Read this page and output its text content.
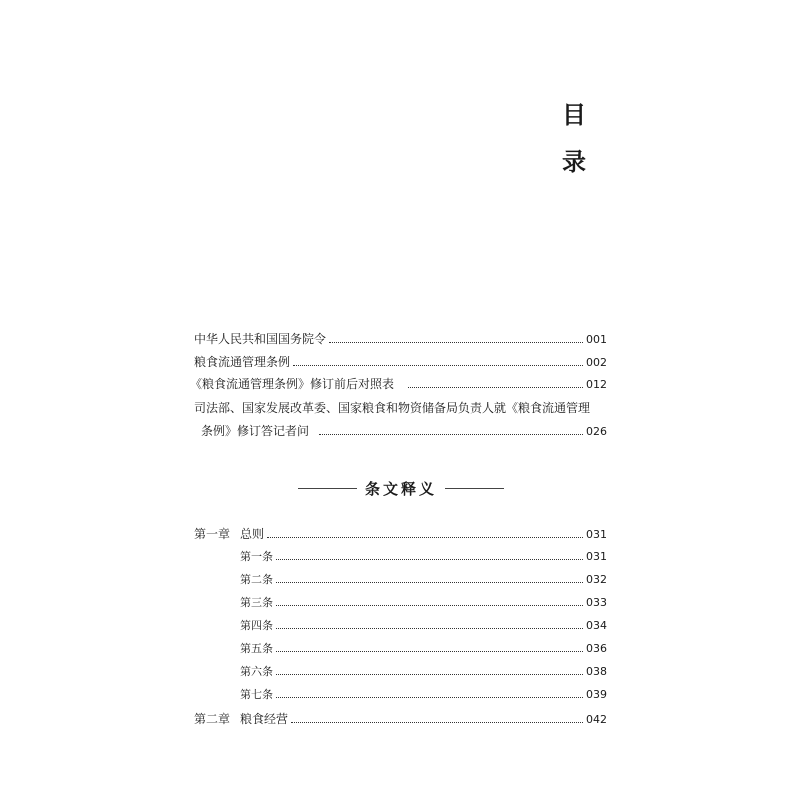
目
录
中华人民共和国国务院令	001
粮食流通管理条例	002
《粮食流通管理条例》修订前后对照表	012
司法部、国家发展改革委、国家粮食和物资储备局负责人就《粮食流通管理
条例》修订答记者问	026
条文释义
第一章 总则	031
第一条	031
第二条	032
第三条	033
第四条	034
第五条	036
第六条	038
第七条	039
第二章 粮食经营	042
